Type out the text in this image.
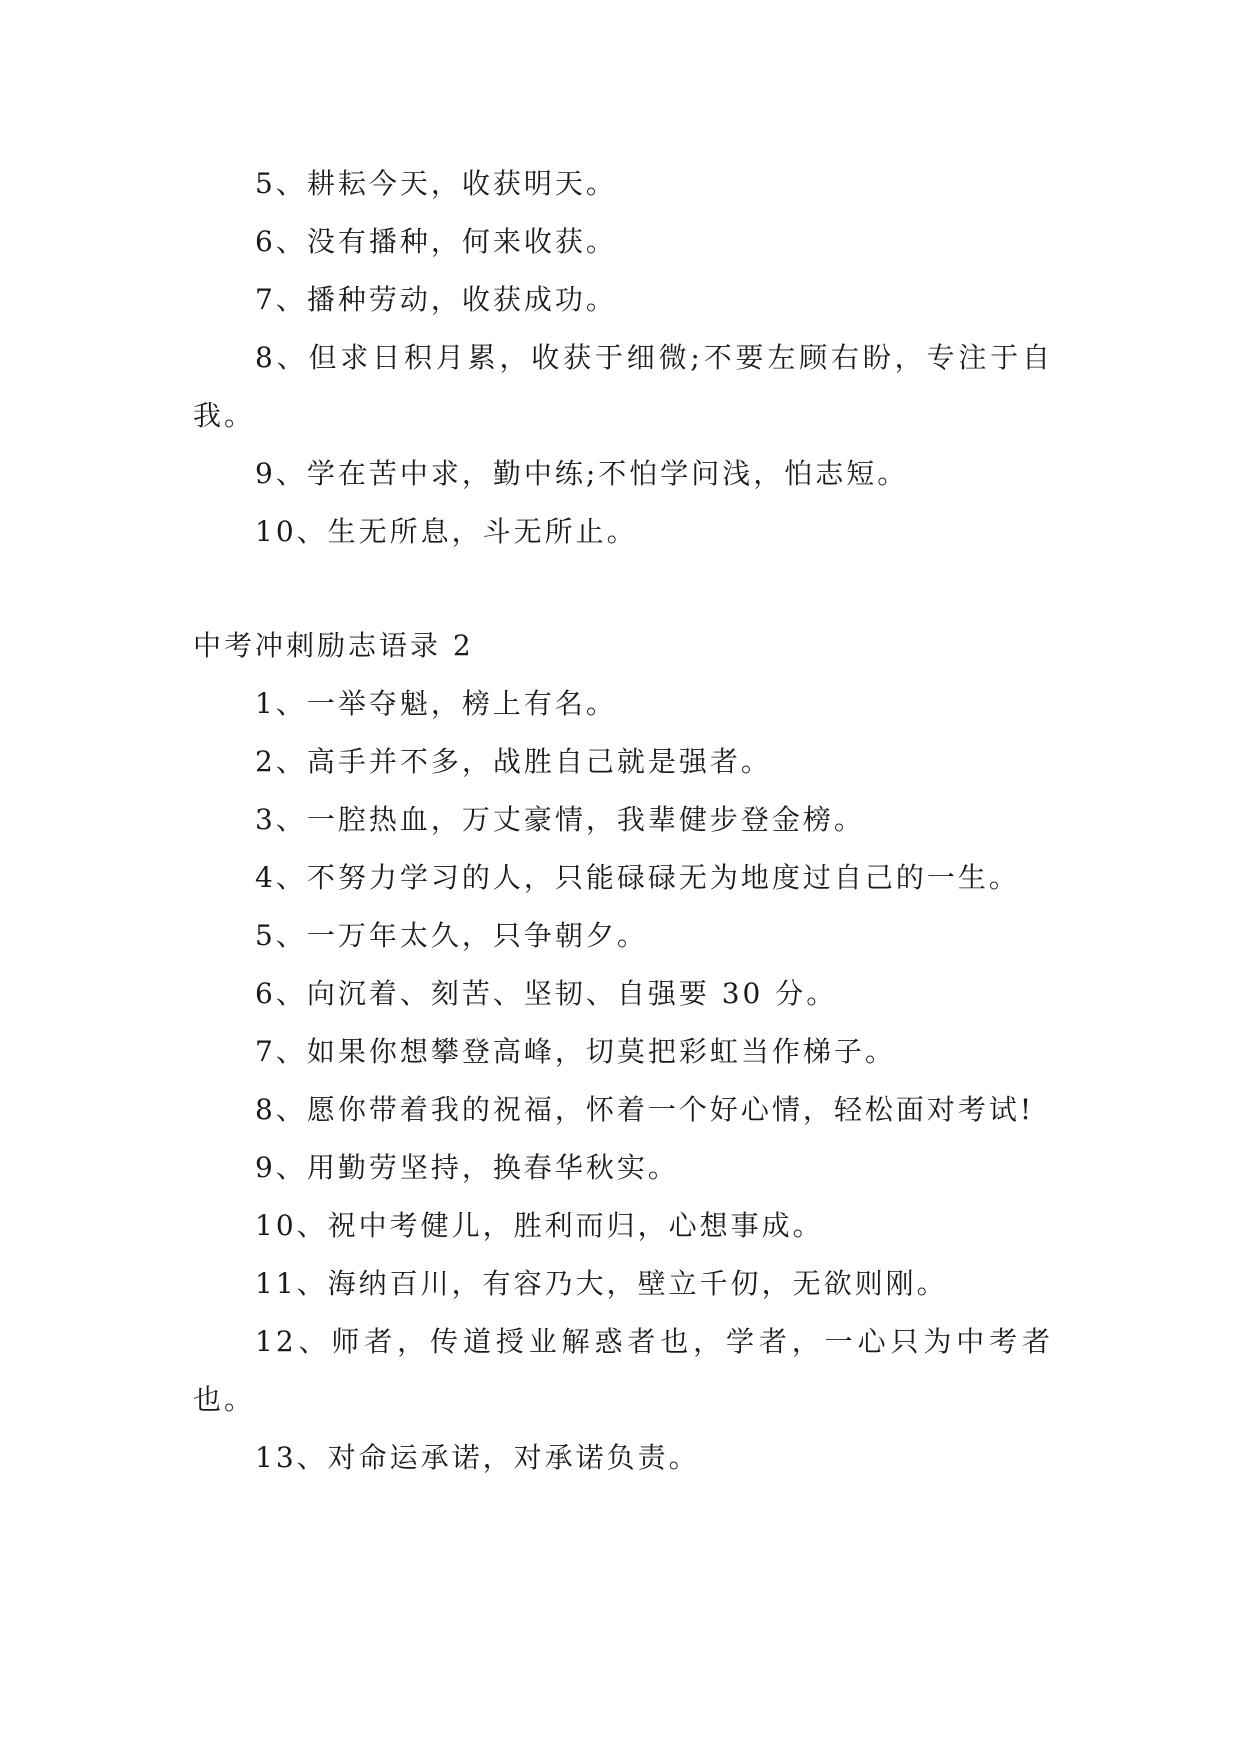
5、耕耘今天，收获明天。

6、没有播种，何来收获。

7、播种劳动，收获成功。

8、但求日积月累，收获于细微;不要左顾右盼，专注于自我。

9、学在苦中求，勤中练;不怕学问浅，怕志短。

10、生无所息，斗无所止。

中考冲刺励志语录 2

1、一举夺魁，榜上有名。

2、高手并不多，战胜自己就是强者。

3、一腔热血，万丈豪情，我辈健步登金榜。

4、不努力学习的人，只能碌碌无为地度过自己的一生。

5、一万年太久，只争朝夕。

6、向沉着、刻苦、坚韧、自强要 30 分。

7、如果你想攀登高峰，切莫把彩虹当作梯子。

8、愿你带着我的祝福，怀着一个好心情，轻松面对考试!

9、用勤劳坚持，换春华秋实。

10、祝中考健儿，胜利而归，心想事成。

11、海纳百川，有容乃大，壁立千仞，无欲则刚。

12、师者，传道授业解惑者也，学者，一心只为中考者也。

13、对命运承诺，对承诺负责。
